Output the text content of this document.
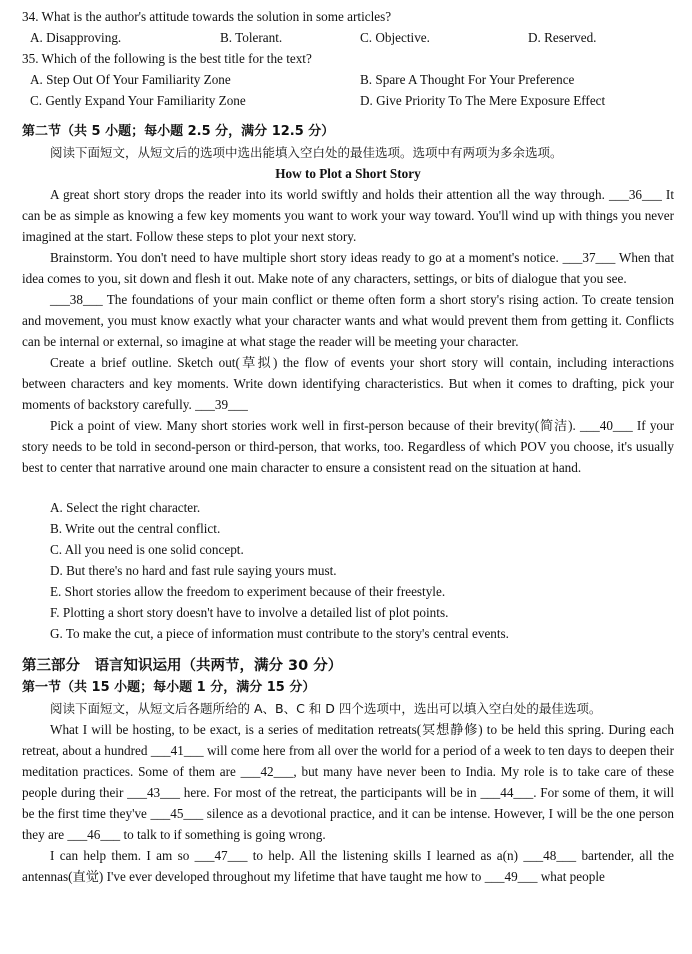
34. What is the author's attitude towards the solution in some articles?
A. Disapproving.	B. Tolerant.	C. Objective.	D. Reserved.
35. Which of the following is the best title for the text?
A. Step Out Of Your Familiarity Zone	B. Spare A Thought For Your Preference
C. Gently Expand Your Familiarity Zone	D. Give Priority To The Mere Exposure Effect
第二节（共 5 小题；每小题 2.5 分，满分 12.5 分）
阅读下面短文，从短文后的选项中选出能填入空白处的最佳选项。选项中有两项为多余选项。
How to Plot a Short Story

A great short story drops the reader into its world swiftly and holds their attention all the way through. ___36___ It can be as simple as knowing a few key moments you want to work your way toward. You'll wind up with things you never imagined at the start. Follow these steps to plot your next story.

Brainstorm. You don't need to have multiple short story ideas ready to go at a moment's notice. ___37___ When that idea comes to you, sit down and flesh it out. Make note of any characters, settings, or bits of dialogue that you see.

___38___ The foundations of your main conflict or theme often form a short story's rising action. To create tension and movement, you must know exactly what your character wants and what would prevent them from getting it. Conflicts can be internal or external, so imagine at what stage the reader will be meeting your character.

Create a brief outline. Sketch out(草拟) the flow of events your short story will contain, including interactions between characters and key moments. Write down identifying characteristics. But when it comes to drafting, pick your moments of backstory carefully. ___39___

Pick a point of view. Many short stories work well in first-person because of their brevity(简洁). ___40___ If your story needs to be told in second-person or third-person, that works, too. Regardless of which POV you choose, it's usually best to center that narrative around one main character to ensure a consistent read on the situation at hand.

A. Select the right character.
B. Write out the central conflict.
C. All you need is one solid concept.
D. But there's no hard and fast rule saying yours must.
E. Short stories allow the freedom to experiment because of their freestyle.
F. Plotting a short story doesn't have to involve a detailed list of plot points.
G. To make the cut, a piece of information must contribute to the story's central events.
第三部分　语言知识运用（共两节，满分 30 分）
第一节（共 15 小题；每小题 1 分，满分 15 分）
阅读下面短文，从短文后各题所给的 A、B、C 和 D 四个选项中，选出可以填入空白处的最佳选项。

What I will be hosting, to be exact, is a series of meditation retreats(冥想静修) to be held this spring. During each retreat, about a hundred ___41___ will come here from all over the world for a period of a week to ten days to deepen their meditation practices. Some of them are ___42___, but many have never been to India. My role is to take care of these people during their ___43___ here. For most of the retreat, the participants will be in ___44___. For some of them, it will be the first time they've ___45___ silence as a devotional practice, and it can be intense. However, I will be the one person they are ___46___ to talk to if something is going wrong.

I can help them. I am so ___47___ to help. All the listening skills I learned as a(n) ___48___ bartender, all the antennas(直觉) I've ever developed throughout my lifetime that have taught me how to ___49___ what people
